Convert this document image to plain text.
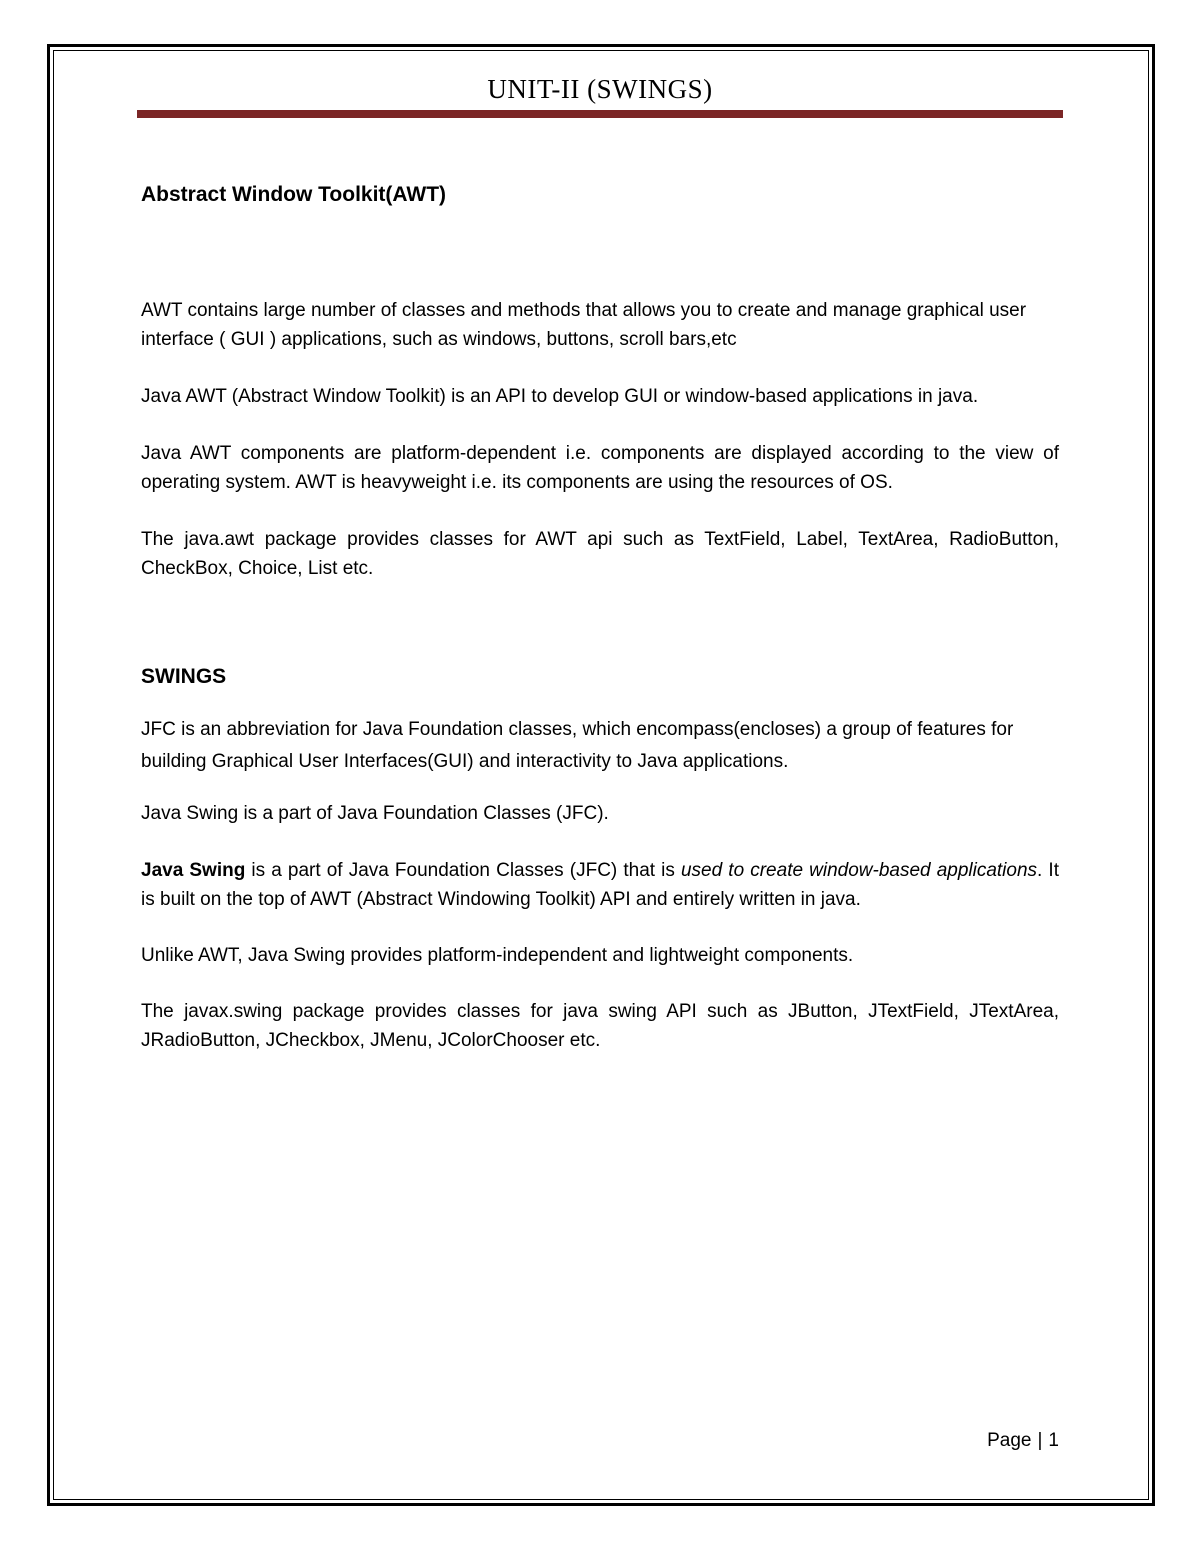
UNIT-II (SWINGS)
Abstract Window Toolkit(AWT)

AWT contains large number of classes and methods that allows you to create and manage graphical user interface ( GUI ) applications, such as windows, buttons, scroll bars,etc

Java AWT (Abstract Window Toolkit) is an API to develop GUI or window-based applications in java.

Java AWT components are platform-dependent i.e. components are displayed according to the view of operating system. AWT is heavyweight i.e. its components are using the resources of OS.

The java.awt package provides classes for AWT api such as TextField, Label, TextArea, RadioButton, CheckBox, Choice, List etc.

SWINGS

JFC is an abbreviation for Java Foundation classes, which encompass(encloses) a group of features for building Graphical User Interfaces(GUI) and interactivity to Java applications.

Java Swing is a part of Java Foundation Classes (JFC).

Java Swing is a part of Java Foundation Classes (JFC) that is used to create window-based applications. It is built on the top of AWT (Abstract Windowing Toolkit) API and entirely written in java.

Unlike AWT, Java Swing provides platform-independent and lightweight components.

The javax.swing package provides classes for java swing API such as JButton, JTextField, JTextArea, JRadioButton, JCheckbox, JMenu, JColorChooser etc.

Page | 1
